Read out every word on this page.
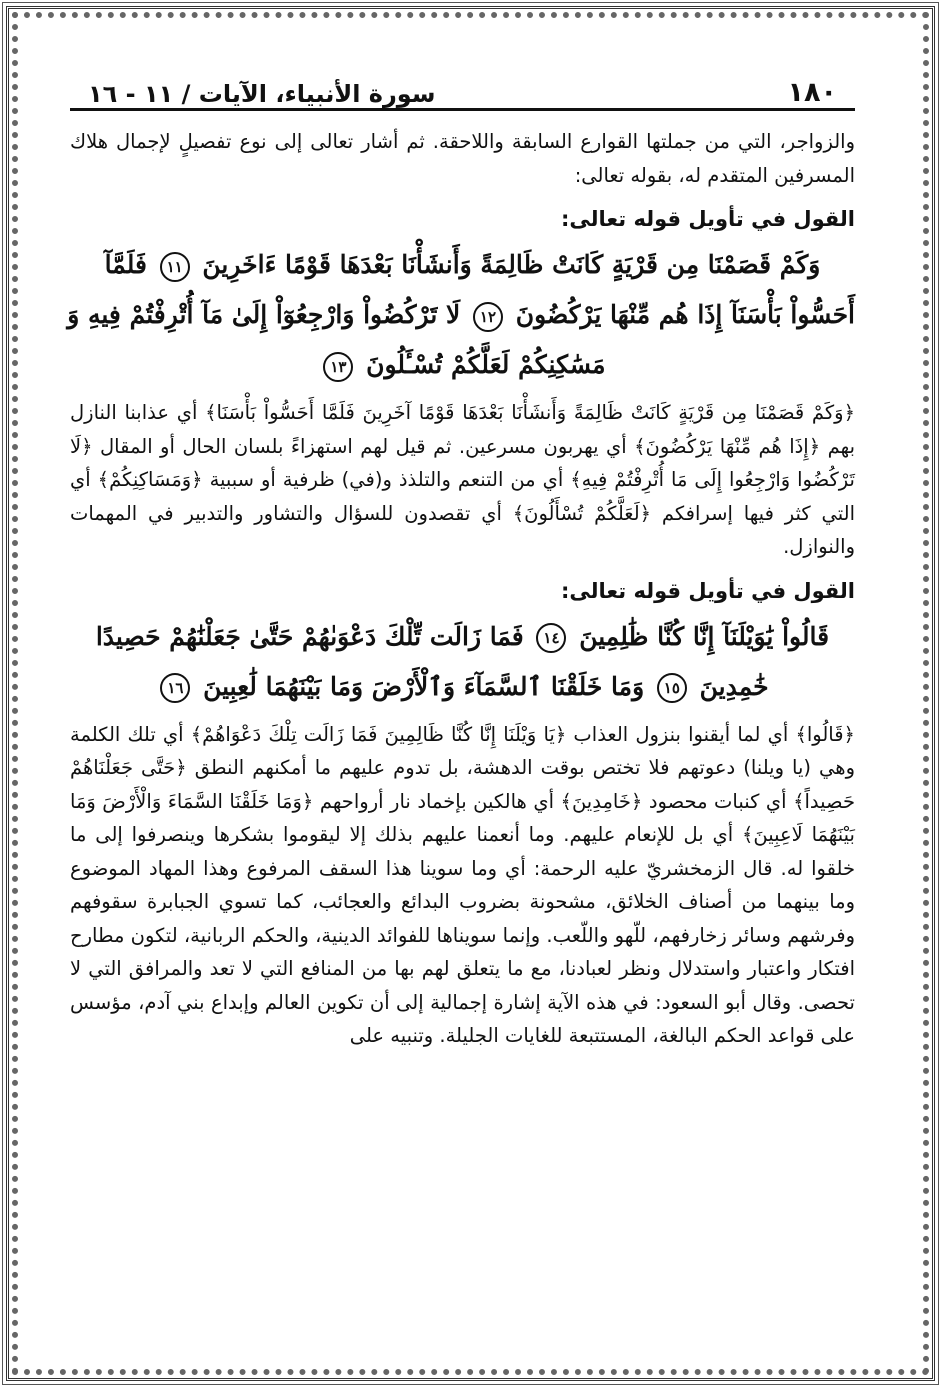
١٨٠
سورة الأنبياء، الآيات / ١١ - ١٦

والزواجر، التي من جملتها القوارع السابقة واللاحقة. ثم أشار تعالى إلى نوع تفصيلٍ لإجمال هلاك المسرفين المتقدم له، بقوله تعالى:

القول في تأويل قوله تعالى:
وَكَمْ قَصَمْنَا مِن قَرْيَةٍ كَانَتْ ظَالِمَةً وَأَنشَأْنَا بَعْدَهَا قَوْمًا ءَاخَرِينَ ١١ فَلَمَّآ
أَحَسُّواْ بَأْسَنَآ إِذَا هُم مِّنْهَا يَرْكُضُونَ ١٢ لَا تَرْكُضُواْ وَارْجِعُوٓاْ إِلَىٰ مَآ أُتْرِفْتُمْ فِيهِ وَ
مَسَٰكِنِكُمْ لَعَلَّكُمْ تُسْـَٔلُونَ ١٣

﴿وَكَمْ قَصَمْنَا مِن قَرْيَةٍ كَانَتْ ظَالِمَةً وَأَنشَأْنَا بَعْدَهَا قَوْمًا آخَرِينَ فَلَمَّا أَحَسُّواْ بَأْسَنَا﴾ أي عذابنا النازل بهم ﴿إِذَا هُم مِّنْهَا يَرْكُضُونَ﴾ أي يهربون مسرعين. ثم قيل لهم استهزاءً بلسان الحال أو المقال ﴿لَا تَرْكُضُوا وَارْجِعُوا إِلَى مَا أُتْرِفْتُمْ فِيهِ﴾ أي من التنعم والتلذذ و(في) ظرفية أو سببية ﴿وَمَسَاكِنِكُمْ﴾ أي التي كثر فيها إسرافكم ﴿لَعَلَّكُمْ تُسْأَلُونَ﴾ أي تقصدون للسؤال والتشاور والتدبير في المهمات والنوازل.

القول في تأويل قوله تعالى:
قَالُواْ يَٰوَيْلَنَآ إِنَّا كُنَّا ظَٰلِمِينَ ١٤ فَمَا زَالَت تِّلْكَ دَعْوَىٰهُمْ حَتَّىٰ جَعَلْنَٰهُمْ حَصِيدًا
خَٰمِدِينَ ١٥ وَمَا خَلَقْنَا ٱلسَّمَآءَ وَٱلْأَرْضَ وَمَا بَيْنَهُمَا لَٰعِبِينَ ١٦

﴿قَالُوا﴾ أي لما أيقنوا بنزول العذاب ﴿يَا وَيْلَنَا إِنَّا كُنَّا ظَالِمِينَ فَمَا زَالَت تِلْكَ دَعْوَاهُمْ﴾ أي تلك الكلمة وهي (يا ويلنا) دعوتهم فلا تختص بوقت الدهشة، بل تدوم عليهم ما أمكنهم النطق ﴿حَتَّى جَعَلْنَاهُمْ حَصِيداً﴾ أي كنبات محصود ﴿خَامِدِينَ﴾ أي هالكين بإخماد نار أرواحهم ﴿وَمَا خَلَقْنَا السَّمَاءَ وَالْأَرْضَ وَمَا بَيْنَهُمَا لَاعِبِينَ﴾ أي بل للإنعام عليهم. وما أنعمنا عليهم بذلك إلا ليقوموا بشكرها وينصرفوا إلى ما خلقوا له. قال الزمخشريّ عليه الرحمة: أي وما سوينا هذا السقف المرفوع وهذا المهاد الموضوع وما بينهما من أصناف الخلائق، مشحونة بضروب البدائع والعجائب، كما تسوي الجبابرة سقوفهم وفرشهم وسائر زخارفهم، للّهو واللّعب. وإنما سويناها للفوائد الدينية، والحكم الربانية، لتكون مطارح افتكار واعتبار واستدلال ونظر لعبادنا، مع ما يتعلق لهم بها من المنافع التي لا تعد والمرافق التي لا تحصى. وقال أبو السعود: في هذه الآية إشارة إجمالية إلى أن تكوين العالم وإبداع بني آدم، مؤسس على قواعد الحكم البالغة، المستتبعة للغايات الجليلة. وتنبيه على
